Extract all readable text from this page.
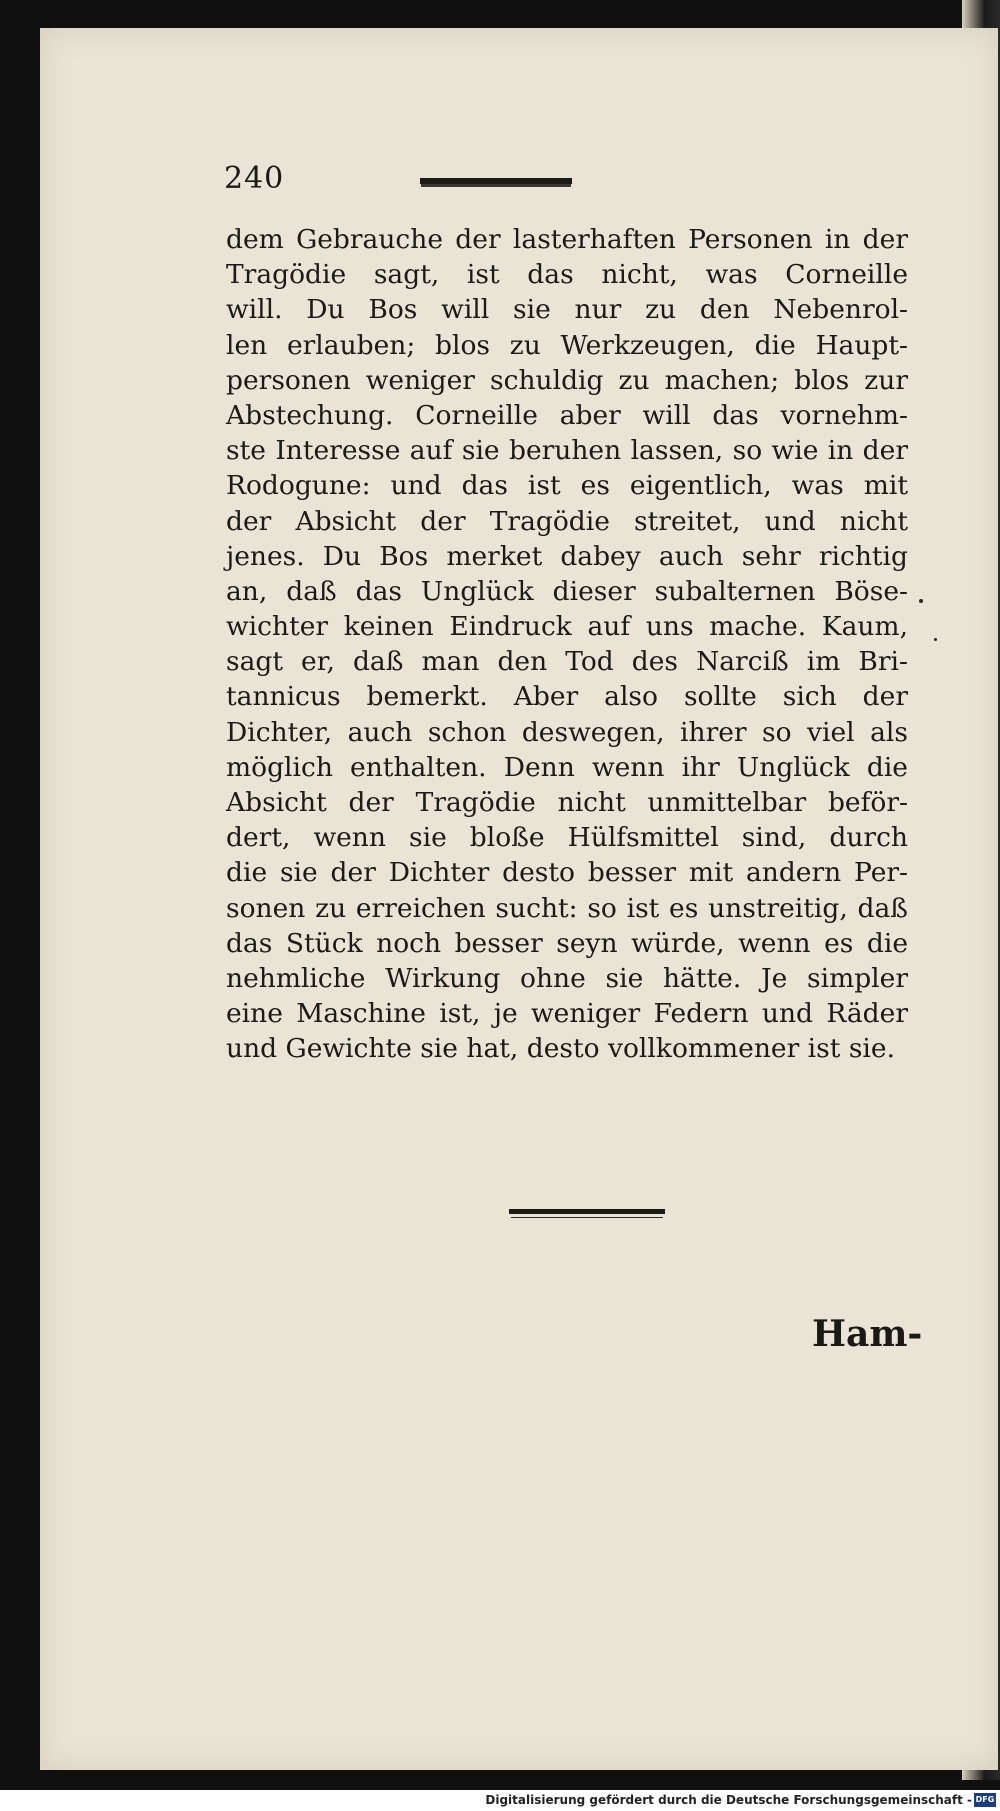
240
dem Gebrauche der lasterhaften Personen in der
Tragödie sagt, ist das nicht, was Corneille
will. Du Bos will sie nur zu den Nebenrol-
len erlauben; blos zu Werkzeugen, die Haupt-
personen weniger schuldig zu machen; blos zur
Abstechung. Corneille aber will das vornehm-
ste Interesse auf sie beruhen lassen, so wie in der
Rodogune: und das ist es eigentlich, was mit
der Absicht der Tragödie streitet, und nicht
jenes. Du Bos merket dabey auch sehr richtig
an, daß das Unglück dieser subalternen Böse-
wichter keinen Eindruck auf uns mache. Kaum,
sagt er, daß man den Tod des Narciß im Bri-
tannicus bemerkt. Aber also sollte sich der
Dichter, auch schon deswegen, ihrer so viel als
möglich enthalten. Denn wenn ihr Unglück die
Absicht der Tragödie nicht unmittelbar beför-
dert, wenn sie bloße Hülfsmittel sind, durch
die sie der Dichter desto besser mit andern Per-
sonen zu erreichen sucht: so ist es unstreitig, daß
das Stück noch besser seyn würde, wenn es die
nehmliche Wirkung ohne sie hätte. Je simpler
eine Maschine ist, je weniger Federn und Räder
und Gewichte sie hat, desto vollkommener ist sie.
Ham-
Digitalisierung gefördert durch die Deutsche Forschungsgemeinschaft - DFG
